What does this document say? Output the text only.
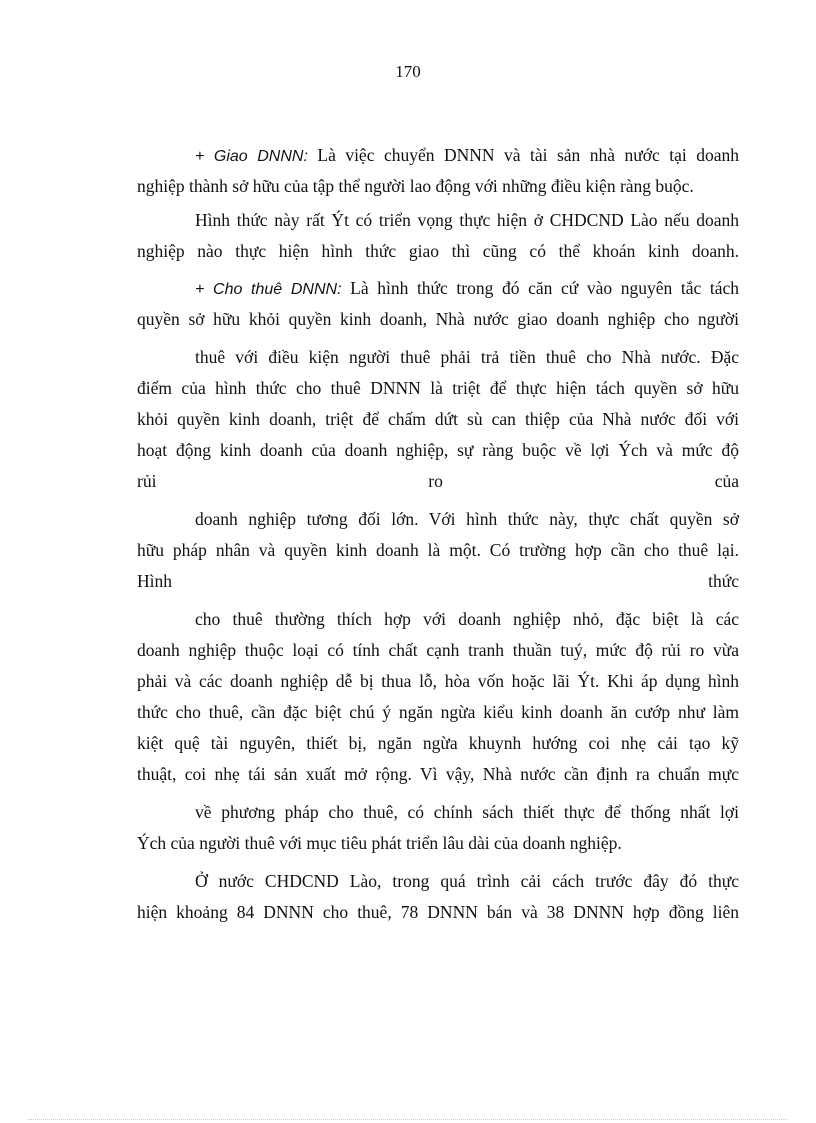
170
+ Giao DNNN: Là việc chuyển DNNN và tài sản nhà nước tại doanh
nghiệp thành sở hữu của tập thể người lao động với những điều kiện ràng buộc.
Hình thức này rất Ýt có triển vọng thực hiện ở CHDCND Lào nếu doanh
nghiệp nào thực hiện hình thức giao thì cũng có thể khoán kinh doanh.
+ Cho thuê DNNN: Là hình thức trong đó căn cứ vào nguyên tắc tách
quyền sở hữu khỏi quyền kinh doanh, Nhà nước giao doanh nghiệp cho người
thuê với điều kiện người thuê phải trả tiền thuê cho Nhà nước. Đặc
điểm của hình thức cho thuê DNNN là triệt để thực hiện tách quyền sở hữu
khỏi quyền kinh doanh, triệt để chấm dứt sù can thiệp của Nhà nước đối với
hoạt động kinh doanh của doanh nghiệp, sự ràng buộc về lợi Ých và mức độ
rủi ro của
doanh nghiệp tương đối lớn. Với hình thức này, thực chất quyền sở
hữu pháp nhân và quyền kinh doanh là một. Có trường hợp cần cho thuê lại.
Hình thức
cho thuê thường thích hợp với doanh nghiệp nhỏ, đặc biệt là các
doanh nghiệp thuộc loại có tính chất cạnh tranh thuần tuý, mức độ rủi ro vừa
phải và các doanh nghiệp dễ bị thua lỗ, hòa vốn hoặc lãi Ýt. Khi áp dụng hình
thức cho thuê, cần đặc biệt chú ý ngăn ngừa kiểu kinh doanh ăn cướp như làm
kiệt quệ tài nguyên, thiết bị, ngăn ngừa khuynh hướng coi nhẹ cải tạo kỹ
thuật, coi nhẹ tái sản xuất mở rộng. Vì vậy, Nhà nước cần định ra chuẩn mực
về phương pháp cho thuê, có chính sách thiết thực để thống nhất lợi
Ých của người thuê với mục tiêu phát triển lâu dài của doanh nghiệp.
Ở nước CHDCND Lào, trong quá trình cải cách trước đây đó thực
hiện khoảng 84 DNNN cho thuê, 78 DNNN bán và 38 DNNN hợp đồng liên
